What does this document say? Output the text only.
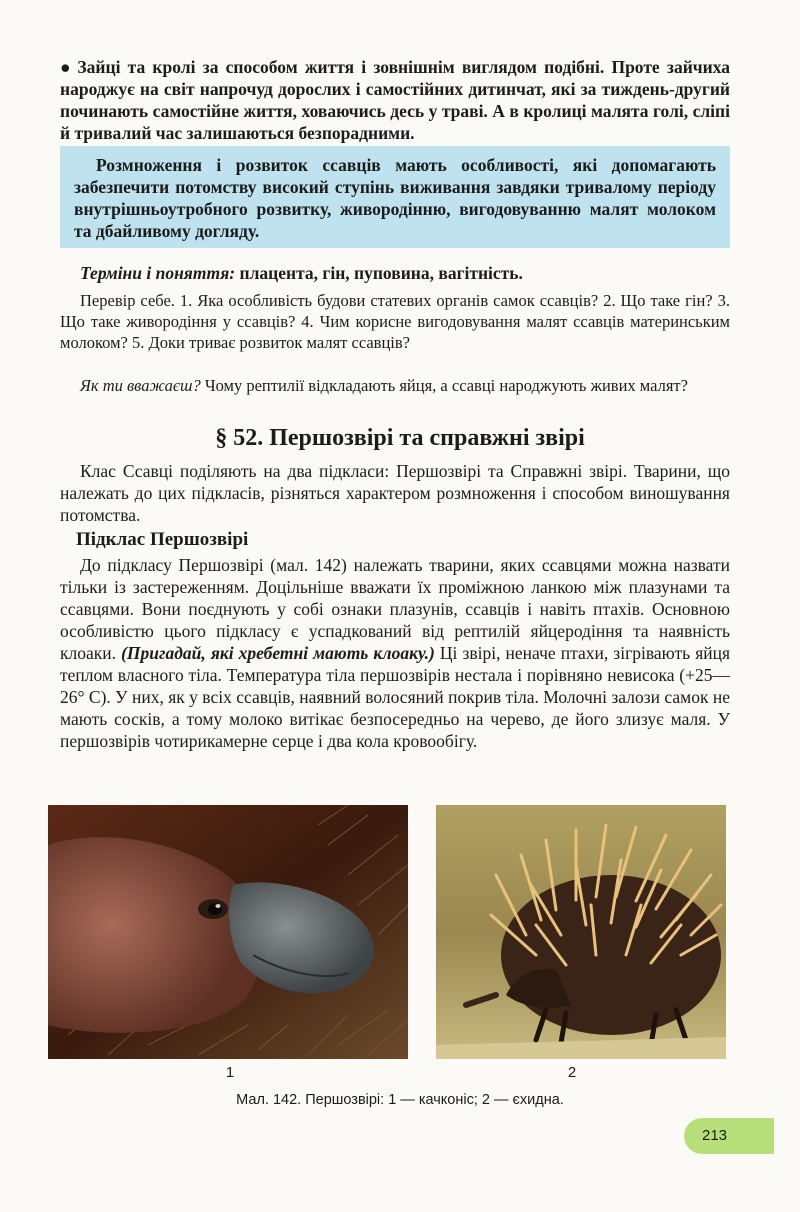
● Зайці та кролі за способом життя і зовнішнім виглядом подібні. Проте зайчиха народжує на світ напрочуд дорослих і самостійних дитинчат, які за тиждень-другий починають самостійне життя, ховаючись десь у траві. А в кролиці малята голі, сліпі й тривалий час залишаються безпорадними.

Розмноження і розвиток ссавців мають особливості, які допомагають забезпечити потомству високий ступінь виживання завдяки тривалому періоду внутрішньоутробного розвитку, живородінню, вигодовуванню малят молоком та дбайливому догляду.

Терміни і поняття: плацента, гін, пуповина, вагітність.

Перевір себе. 1. Яка особливість будови статевих органів самок ссавців? 2. Що таке гін? 3. Що таке живородіння у ссавців? 4. Чим корисне вигодовування малят ссавців материнським молоком? 5. Доки триває розвиток малят ссавців?

Як ти вважаєш? Чому рептилії відкладають яйця, а ссавці народжують живих малят?

§ 52. Першозвірі та справжні звірі

Клас Ссавці поділяють на два підкласи: Першозвірі та Справжні звірі. Тварини, що належать до цих підкласів, різняться характером розмноження і способом виношування потомства.

Підклас Першозвірі

До підкласу Першозвірі (мал. 142) належать тварини, яких ссавцями можна назвати тільки із застереженням. Доцільніше вважати їх проміжною ланкою між плазунами та ссавцями. Вони поєднують у собі ознаки плазунів, ссавців і навіть птахів. Основною особливістю цього підкласу є успадкований від рептилій яйцеродіння та наявність клоаки. (Пригадай, які хребетні мають клоаку.) Ці звірі, неначе птахи, зігрівають яйця теплом власного тіла. Температура тіла першозвірів нестала і порівняно невисока (+25—26° С). У них, як у всіх ссавців, наявний волосяний покрив тіла. Молочні залози самок не мають сосків, а тому молоко витікає безпосередньо на черево, де його злизує маля. У першозвірів чотирикамерне серце і два кола кровообігу.

1	2
Мал. 142. Першозвірі: 1 — качконіс; 2 — єхидна.
213
